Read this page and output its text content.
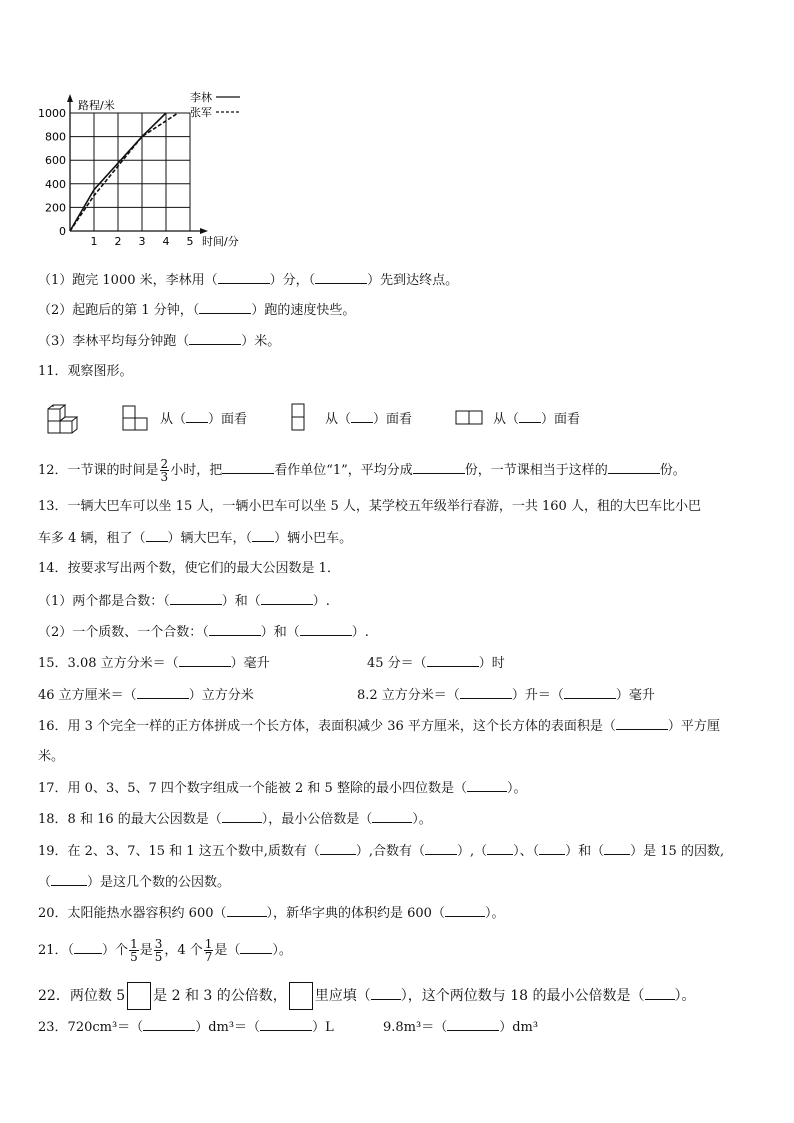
0
200
400
600
800
1000
1 2 3 4 5
路程/米
时间/分
李林
张军
（1）跑完 1000 米，李林用（	）分，（	）先到达终点。
（2）起跑后的第 1 分钟，（	）跑的速度快些。
（3）李林平均每分钟跑（	）米。
11．观察图形。
从（ ）面看	从（ ）面看	从（ ）面看
12．一节课的时间是 $\frac{2}{3}$ 小时，把	看作单位“1”，平均分成	份，一节课相当于这样的	份。
13．一辆大巴车可以坐 15 人，一辆小巴车可以坐 5 人，某学校五年级举行春游，一共 160 人，租的大巴车比小巴
车多 4 辆，租了（ ）辆大巴车，（ ）辆小巴车。
14．按要求写出两个数，使它们的最大公因数是 1．
（1）两个都是合数：（	）和（	）.
（2）一个质数、一个合数：（	）和（	）.
15．3.08 立方分米＝（	）毫升	45 分＝（	）时
46 立方厘米＝（	）立方分米	8.2 立方分米＝（	）升＝（	）毫升
16．用 3 个完全一样的正方体拼成一个长方体，表面积减少 36 平方厘米，这个长方体的表面积是（	）平方厘
米。
17．用 0、3、5、7 四个数字组成一个能被 2 和 5 整除的最小四位数是（	）。
18．8 和 16 的最大公因数是（	），最小公倍数是（	）。
19．在 2、3、7、15 和 1 这五个数中,质数有（	）,合数有（ ）,（ ）、（ ）和（ ）是 15 的因数,
（	）是这几个数的公因数。
20．太阳能热水器容积约 600（	），新华字典的体积约是 600（	）。
21．（ ）个 $\frac{1}{5}$ 是 $\frac{3}{5}$ ，4 个 $\frac{1}{7}$ 是（ ）。
22．两位数 5 是 2 和 3 的公倍数， 里应填（ ），这个两位数与 18 的最小公倍数是（ ）。
23．720cm³＝（	）dm³＝（	）L	9.8m³＝（	）dm³
